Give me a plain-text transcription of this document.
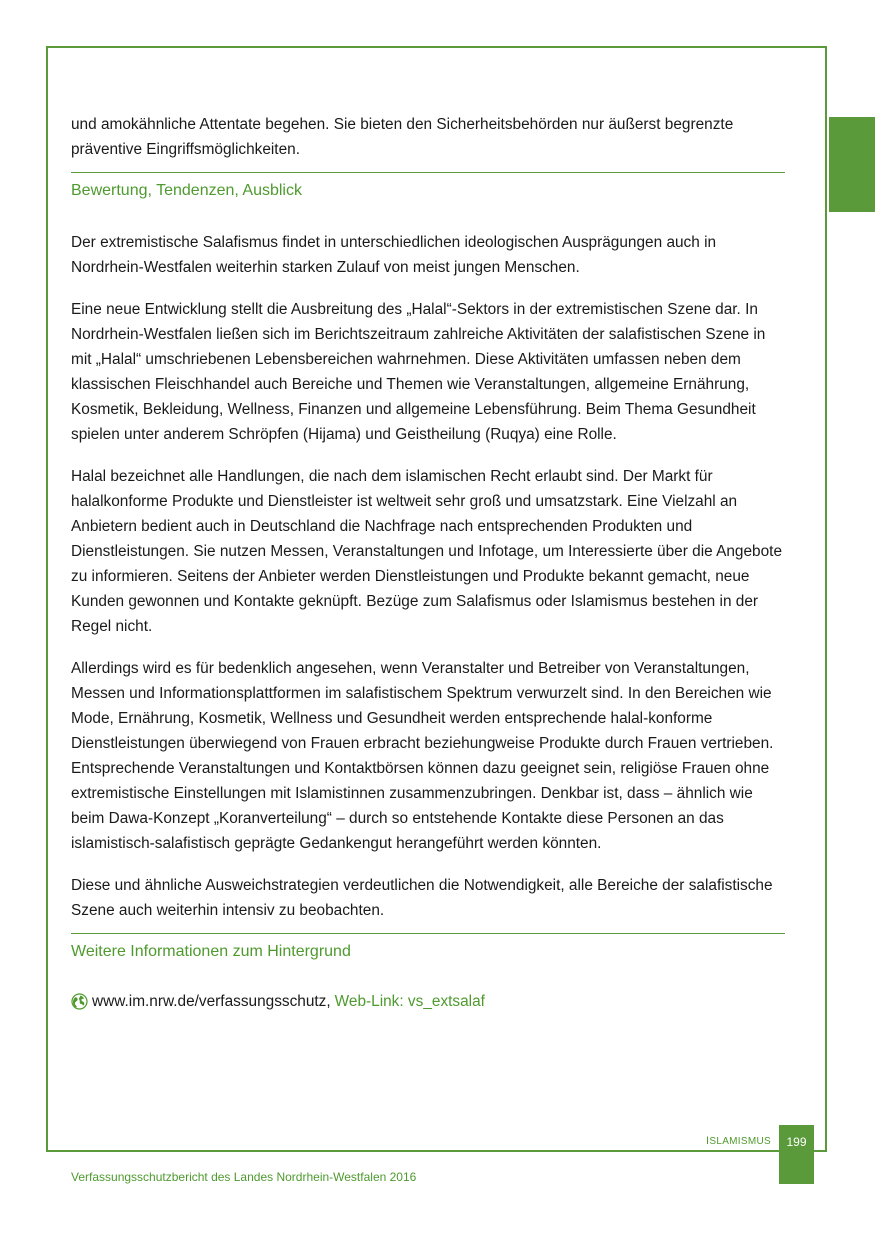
und amokähnliche Attentate begehen. Sie bieten den Sicherheitsbehörden nur äußerst begrenzte präventive Eingriffsmöglichkeiten.

Bewertung, Tendenzen, Ausblick

Der extremistische Salafismus findet in unterschiedlichen ideologischen Ausprägungen auch in Nordrhein-Westfalen weiterhin starken Zulauf von meist jungen Menschen.

Eine neue Entwicklung stellt die Ausbreitung des „Halal“-Sektors in der extremistischen Szene dar. In Nordrhein-Westfalen ließen sich im Berichtszeitraum zahlreiche Aktivitäten der salafistischen Szene in mit „Halal“ umschriebenen Lebensbereichen wahrnehmen. Diese Aktivitäten umfassen neben dem klassischen Fleischhandel auch Bereiche und Themen wie Veranstaltungen, allgemeine Ernährung, Kosmetik, Bekleidung, Wellness, Finanzen und allgemeine Lebensführung. Beim Thema Gesundheit spielen unter anderem Schröpfen (Hijama) und Geistheilung (Ruqya) eine Rolle.

Halal bezeichnet alle Handlungen, die nach dem islamischen Recht erlaubt sind. Der Markt für halalkonforme Produkte und Dienstleister ist weltweit sehr groß und umsatzstark. Eine Vielzahl an Anbietern bedient auch in Deutschland die Nachfrage nach entsprechenden Produkten und Dienstleistungen. Sie nutzen Messen, Veranstaltungen und Infotage, um Interessierte über die Angebote zu informieren. Seitens der Anbieter werden Dienstleistungen und Produkte bekannt gemacht, neue Kunden gewonnen und Kontakte geknüpft. Bezüge zum Salafismus oder Islamismus bestehen in der Regel nicht.

Allerdings wird es für bedenklich angesehen, wenn Veranstalter und Betreiber von Veranstaltungen, Messen und Informationsplattformen im salafistischem Spektrum verwurzelt sind. In den Bereichen wie Mode, Ernährung, Kosmetik, Wellness und Gesundheit werden entsprechende halal-konforme Dienstleistungen überwiegend von Frauen erbracht beziehungweise Produkte durch Frauen vertrieben. Entsprechende Veranstaltungen und Kontaktbörsen können dazu geeignet sein, religiöse Frauen ohne extremistische Einstellungen mit Islamistinnen zusammenzubringen. Denkbar ist, dass – ähnlich wie beim Dawa-Konzept „Koranverteilung“ – durch so entstehende Kontakte diese Personen an das islamistisch-salafistisch geprägte Gedankengut herangeführt werden könnten.

Diese und ähnliche Ausweichstrategien verdeutlichen die Notwendigkeit, alle Bereiche der salafistische Szene auch weiterhin intensiv zu beobachten.

Weitere Informationen zum Hintergrund
www.im.nrw.de/verfassungsschutz, Web-Link: vs_extsalaf
ISLAMISMUS	199
Verfassungsschutzbericht des Landes Nordrhein-Westfalen 2016
